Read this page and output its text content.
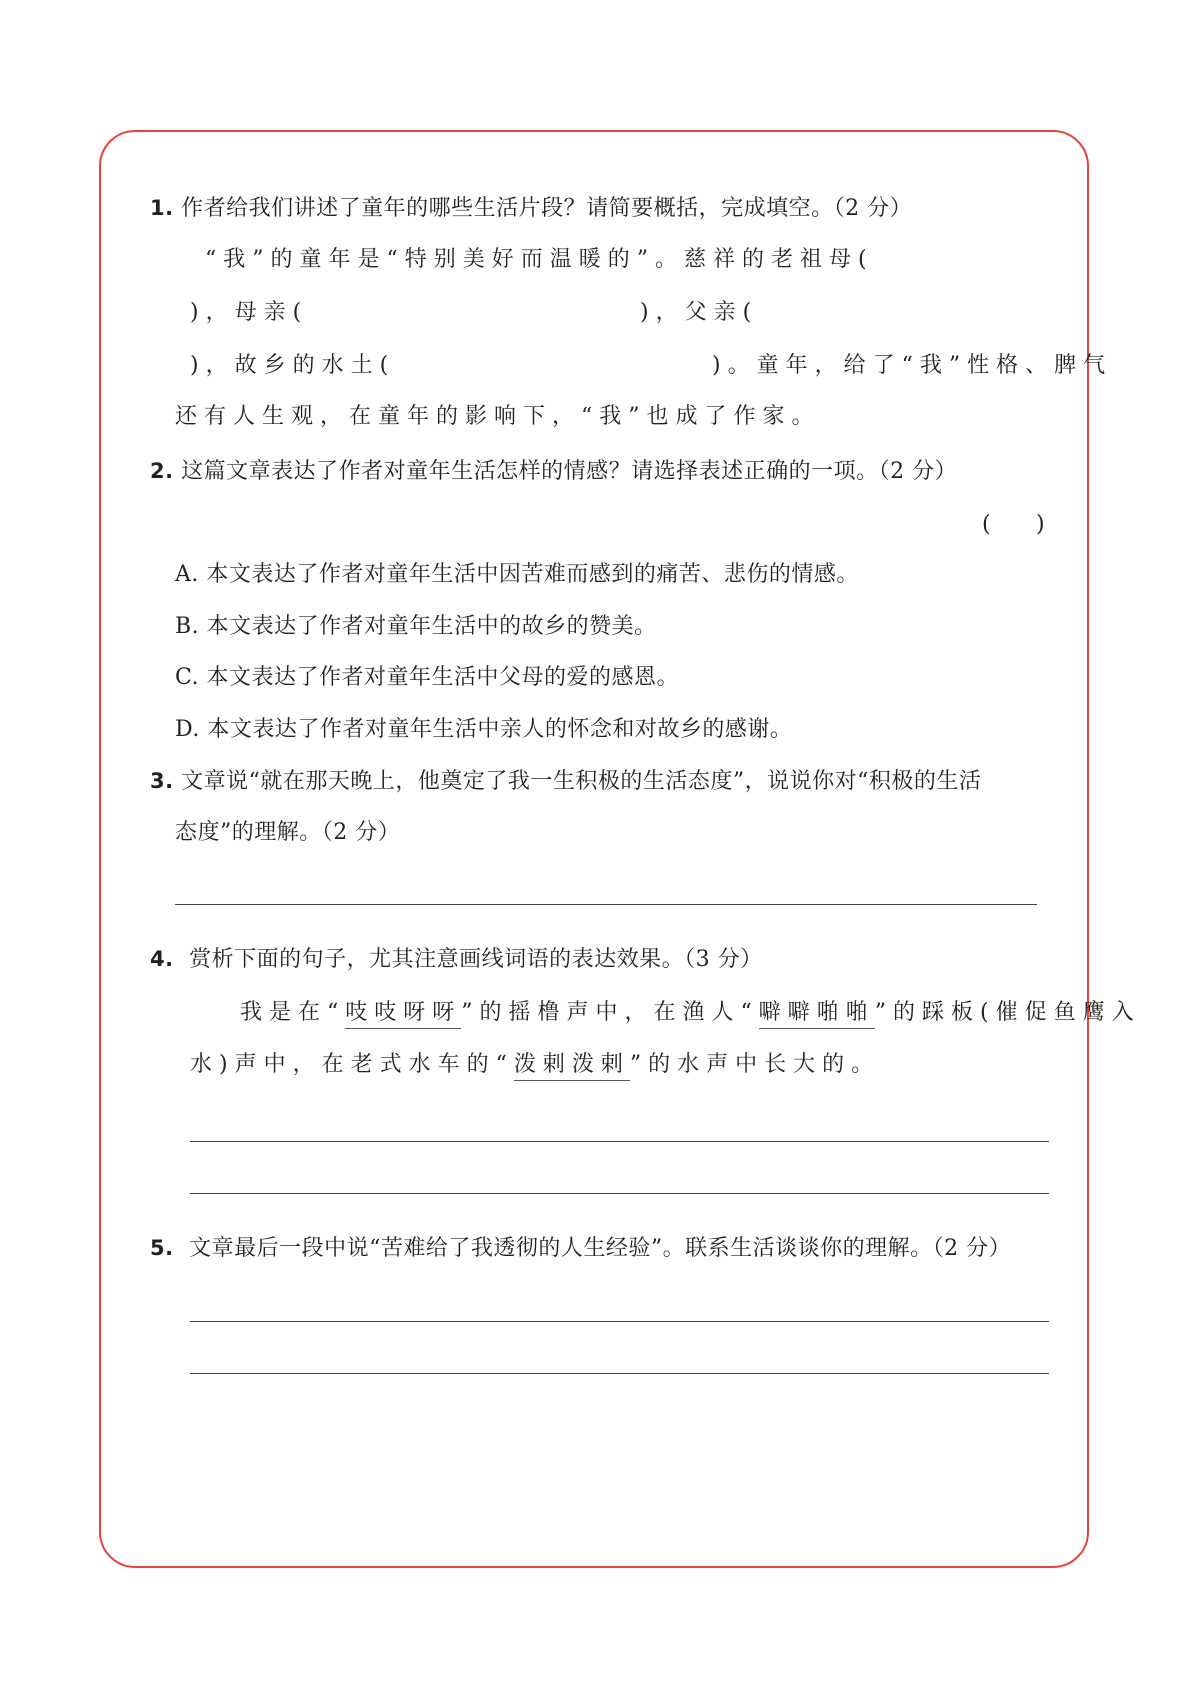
1. 作者给我们讲述了童年的哪些生活片段？请简要概括，完成填空。（2 分）
“我”的童年是“特别美好而温暖的”。慈祥的老祖母(
)，母亲(	)，父亲(
)，故乡的水土(	)。童年，给了“我”性格、脾气
还有人生观，在童年的影响下，“我”也成了作家。
2. 这篇文章表达了作者对童年生活怎样的情感？请选择表述正确的一项。（2 分）
(      )
A. 本文表达了作者对童年生活中因苦难而感到的痛苦、悲伤的情感。
B. 本文表达了作者对童年生活中的故乡的赞美。
C. 本文表达了作者对童年生活中父母的爱的感恩。
D. 本文表达了作者对童年生活中亲人的怀念和对故乡的感谢。
3. 文章说“就在那天晚上，他奠定了我一生积极的生活态度”，说说你对“积极的生活
态度”的理解。（2 分）
4. 赏析下面的句子，尤其注意画线词语的表达效果。（3 分）
我是在“吱吱呀呀”的摇橹声中，在渔人“噼噼啪啪”的踩板(催促鱼鹰入
水)声中，在老式水车的“泼剌泼剌”的水声中长大的。
5. 文章最后一段中说“苦难给了我透彻的人生经验”。联系生活谈谈你的理解。（2 分）
